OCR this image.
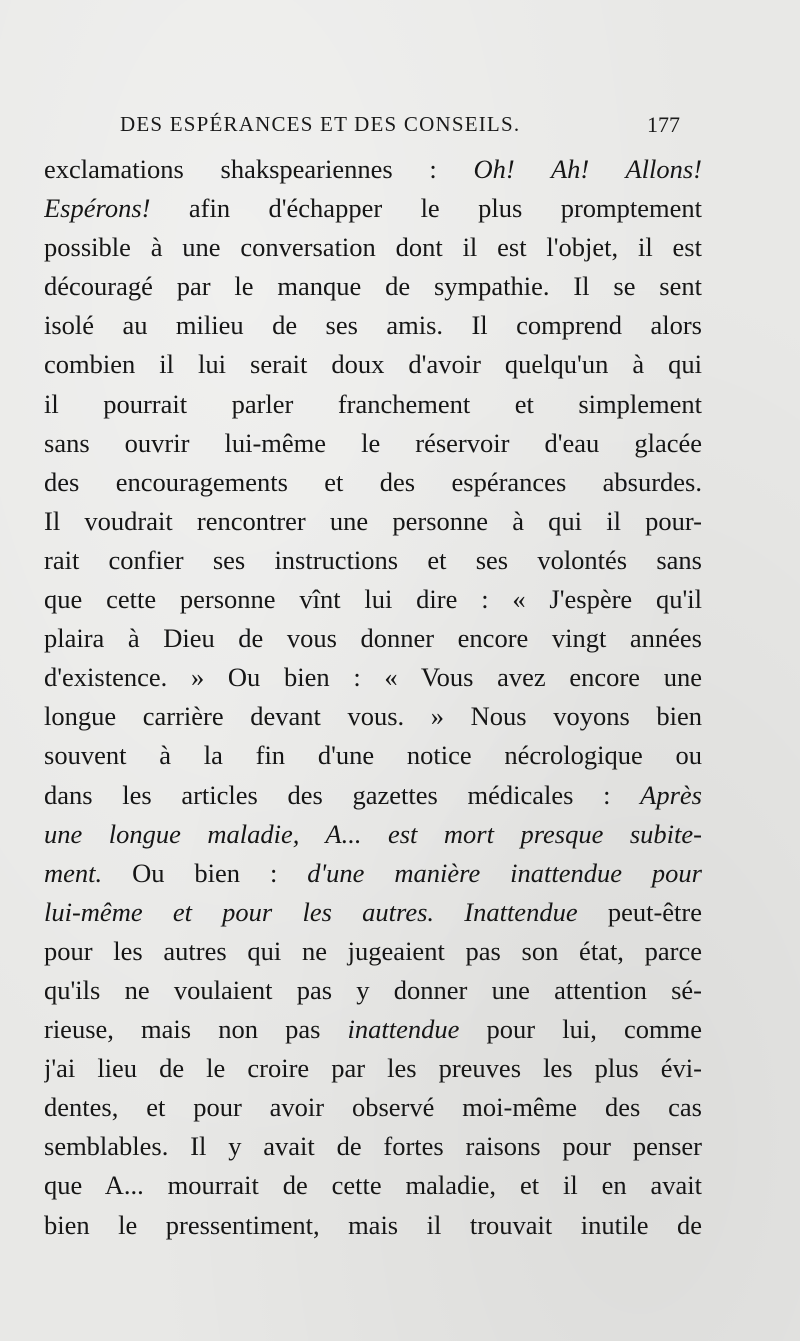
DES ESPÉRANCES ET DES CONSEILS.	177
exclamations shakspeariennes : Oh! Ah! Allons!
Espérons! afin d'échapper le plus promptement
possible à une conversation dont il est l'objet, il est
découragé par le manque de sympathie. Il se sent
isolé au milieu de ses amis. Il comprend alors
combien il lui serait doux d'avoir quelqu'un à qui
il pourrait parler franchement et simplement
sans ouvrir lui-même le réservoir d'eau glacée
des encouragements et des espérances absurdes.
Il voudrait rencontrer une personne à qui il pour-
rait confier ses instructions et ses volontés sans
que cette personne vînt lui dire : « J'espère qu'il
plaira à Dieu de vous donner encore vingt années
d'existence. » Ou bien : « Vous avez encore une
longue carrière devant vous. » Nous voyons bien
souvent à la fin d'une notice nécrologique ou
dans les articles des gazettes médicales : Après
une longue maladie, A... est mort presque subite-
ment. Ou bien : d'une manière inattendue pour
lui-même et pour les autres. Inattendue peut-être
pour les autres qui ne jugeaient pas son état, parce
qu'ils ne voulaient pas y donner une attention sé-
rieuse, mais non pas inattendue pour lui, comme
j'ai lieu de le croire par les preuves les plus évi-
dentes, et pour avoir observé moi-même des cas
semblables. Il y avait de fortes raisons pour penser
que A... mourrait de cette maladie, et il en avait
bien le pressentiment, mais il trouvait inutile de
